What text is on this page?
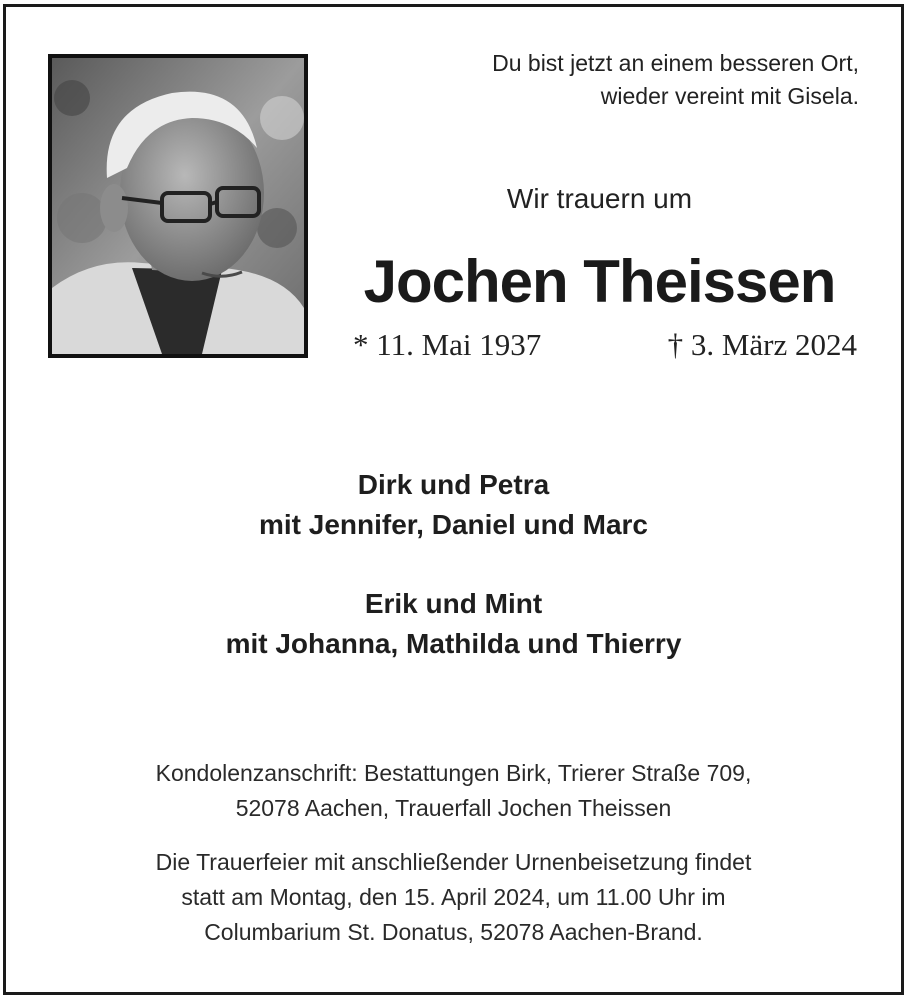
Du bist jetzt an einem besseren Ort,
wieder vereint mit Gisela.
Wir trauern um
Jochen Theissen
* 11. Mai 1937	† 3. März 2024
Dirk und Petra
mit Jennifer, Daniel und Marc
Erik und Mint
mit Johanna, Mathilda und Thierry
Kondolenzanschrift: Bestattungen Birk, Trierer Straße 709,
52078 Aachen, Trauerfall Jochen Theissen
Die Trauerfeier mit anschließender Urnenbeisetzung findet
statt am Montag, den 15. April 2024, um 11.00 Uhr im
Columbarium St. Donatus, 52078 Aachen-Brand.
